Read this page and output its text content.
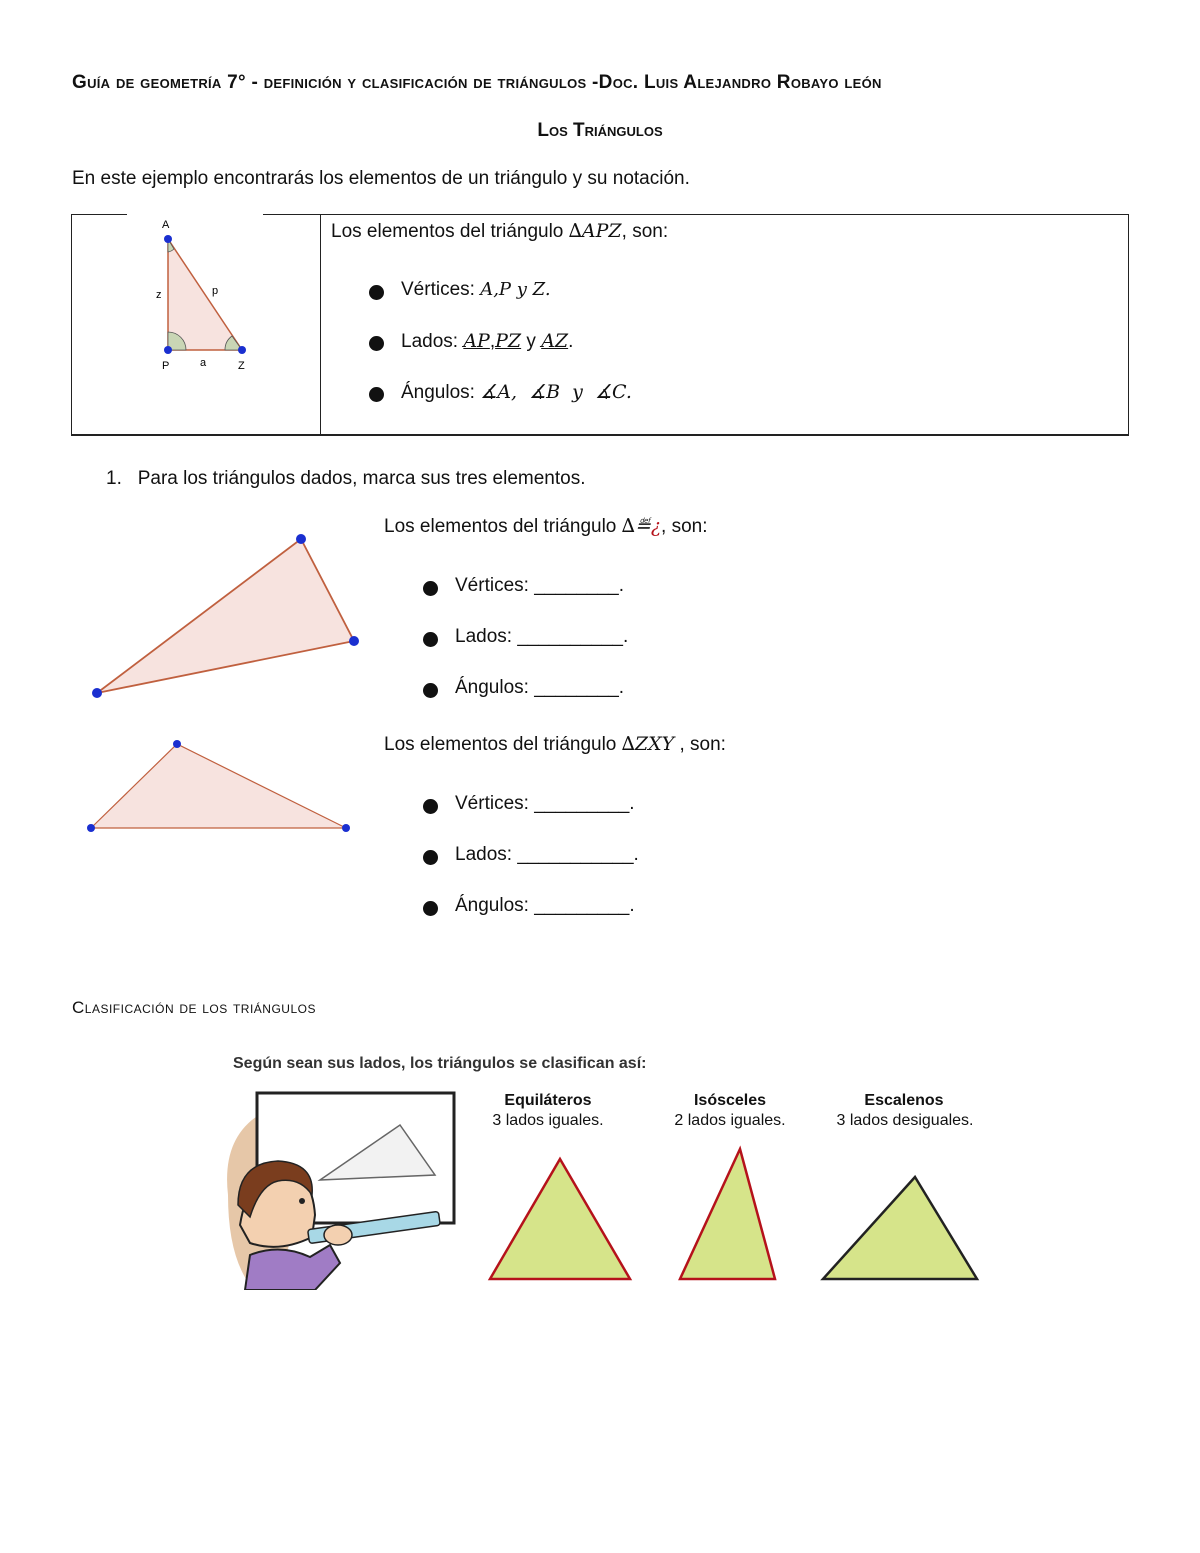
Guía de geometría 7° - definición y clasificación de triángulos -Doc. Luis Alejandro Robayo león
Los Triángulos
En este ejemplo encontrarás los elementos de un triángulo y su notación.
A
z	p
P	a	Z
Los elementos del triángulo ∆APZ, son:
Vértices: A,P y Z.
Lados: AP,PZ y AZ.
Ángulos: ∡A,  ∡B  y  ∡C.
1. Para los triángulos dados, marca sus tres elementos.
Los elementos del triángulo ∆≝¿, son:
Vértices: ________.
Lados: __________.
Ángulos: ________.
Los elementos del triángulo ∆ZXY , son:
Vértices: _________.
Lados: ___________.
Ángulos: _________.
Clasificación de los triángulos
Según sean sus lados, los triángulos se clasifican así:
Equiláteros
3 lados iguales.
Isósceles
2 lados iguales.
Escalenos
3 lados desiguales.
